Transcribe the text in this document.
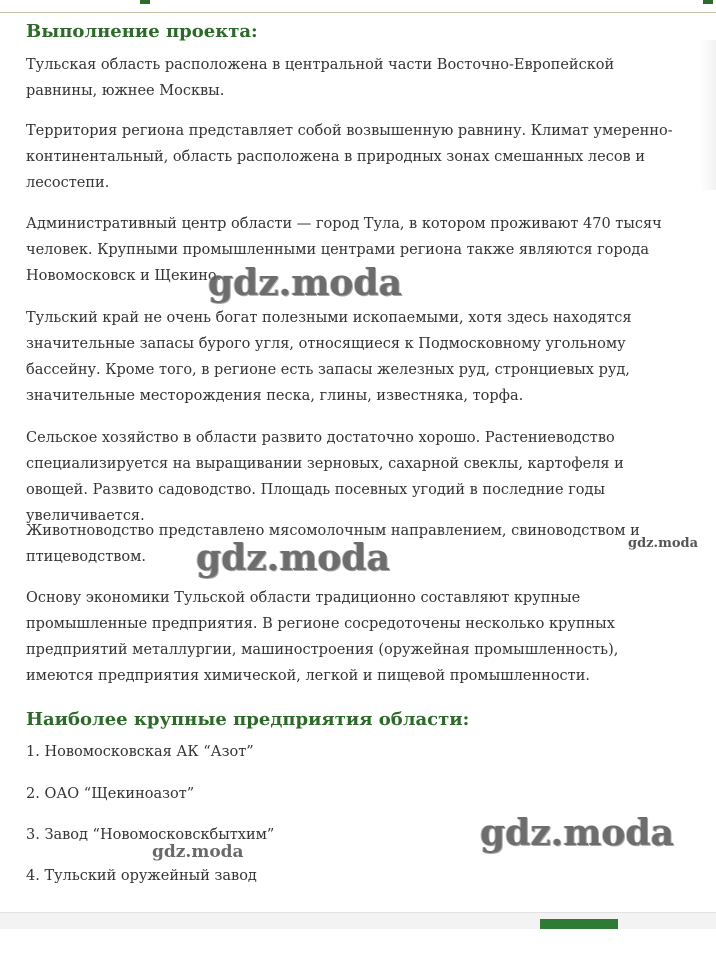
Выполнение проекта:

Тульская область расположена в центральной части Восточно-Европейской равнины, южнее Москвы.

Территория региона представляет собой возвышенную равнину. Климат умеренно-континентальный, область расположена в природных зонах смешанных лесов и лесостепи.

Административный центр области — город Тула, в котором проживают 470 тысяч человек. Крупными промышленными центрами региона также являются города Новомосковск и Щекино.

Тульский край не очень богат полезными ископаемыми, хотя здесь находятся значительные запасы бурого угля, относящиеся к Подмосковному угольному бассейну. Кроме того, в регионе есть запасы железных руд, стронциевых руд, значительные месторождения песка, глины, известняка, торфа.

Сельское хозяйство в области развито достаточно хорошо. Растениеводство специализируется на выращивании зерновых, сахарной свеклы, картофеля и овощей. Развито садоводство. Площадь посевных угодий в последние годы увеличивается.

Животноводство представлено мясомолочным направлением, свиноводством и птицеводством.

Основу экономики Тульской области традиционно составляют крупные промышленные предприятия. В регионе сосредоточены несколько крупных предприятий металлургии, машиностроения (оружейная промышленность), имеются предприятия химической, легкой и пищевой промышленности.

Наиболее крупные предприятия области:

1. Новомосковская АК “Азот”

2. ОАО “Щекиноазот”

3. Завод “Новомосковскбытхим”

4. Тульский оружейный завод

gdz.moda
gdz.moda	gdz.moda
gdz.moda
gdz.moda
